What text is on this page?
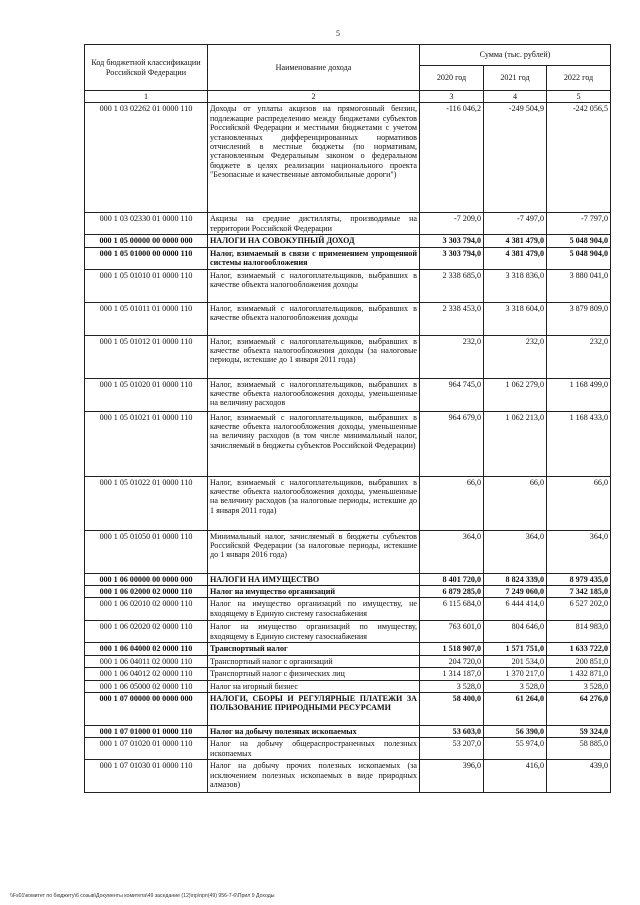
5
Код бюджетной классификации Российской Федерации	Наименование дохода	Сумма (тыс. рублей)		
		2020 год	2021 год	2022 год
1	2	3	4	5
000 1 03 02262 01 0000 110	Доходы от уплаты акцизов на прямогонный бензин, подлежащие распределению между бюджетами субъектов Российской Федерации и местными бюджетами с учетом установленных дифференцированных нормативов отчислений в местные бюджеты (по нормативам, установленным Федеральным законом о федеральном бюджете в целях реализации национального проекта "Безопасные и качественные автомобильные дороги")	-116 046,2	-249 504,9	-242 056,5
000 1 03 02330 01 0000 110	Акцизы на средние дистилляты, производимые на территории Российской Федерации	-7 209,0	-7 497,0	-7 797,0
000 1 05 00000 00 0000 000	НАЛОГИ НА СОВОКУПНЫЙ ДОХОД	3 303 794,0	4 381 479,0	5 048 904,0
000 1 05 01000 00 0000 110	Налог, взимаемый в связи с применением упрощенной системы налогообложения	3 303 794,0	4 381 479,0	5 048 904,0
000 1 05 01010 01 0000 110	Налог, взимаемый с налогоплательщиков, выбравших в качестве объекта налогообложения доходы	2 338 685,0	3 318 836,0	3 880 041,0
000 1 05 01011 01 0000 110	Налог, взимаемый с налогоплательщиков, выбравших в качестве объекта налогообложения доходы	2 338 453,0	3 318 604,0	3 879 809,0
000 1 05 01012 01 0000 110	Налог, взимаемый с налогоплательщиков, выбравших в качестве объекта налогообложения доходы (за налоговые периоды, истекшие до 1 января 2011 года)	232,0	232,0	232,0
000 1 05 01020 01 0000 110	Налог, взимаемый с налогоплательщиков, выбравших в качестве объекта налогообложения доходы, уменьшенные на величину расходов	964 745,0	1 062 279,0	1 168 499,0
000 1 05 01021 01 0000 110	Налог, взимаемый с налогоплательщиков, выбравших в качестве объекта налогообложения доходы, уменьшенные на величину расходов (в том числе минимальный налог, зачисляемый в бюджеты субъектов Российской Федерации)	964 679,0	1 062 213,0	1 168 433,0
000 1 05 01022 01 0000 110	Налог, взимаемый с налогоплательщиков, выбравших в качестве объекта налогообложения доходы, уменьшенные на величину расходов (за налоговые периоды, истекшие до 1 января 2011 года)	66,0	66,0	66,0
000 1 05 01050 01 0000 110	Минимальный налог, зачисляемый в бюджеты субъектов Российской Федерации (за налоговые периоды, истекшие до 1 января 2016 года)	364,0	364,0	364,0
000 1 06 00000 00 0000 000	НАЛОГИ НА ИМУЩЕСТВО	8 401 720,0	8 824 339,0	8 979 435,0
000 1 06 02000 02 0000 110	Налог на имущество организаций	6 879 285,0	7 249 060,0	7 342 185,0
000 1 06 02010 02 0000 110	Налог на имущество организаций по имуществу, не входящему в Единую систему газоснабжения	6 115 684,0	6 444 414,0	6 527 202,0
000 1 06 02020 02 0000 110	Налог на имущество организаций по имуществу, входящему в Единую систему газоснабжения	763 601,0	804 646,0	814 983,0
000 1 06 04000 02 0000 110	Транспортный налог	1 518 907,0	1 571 751,0	1 633 722,0
000 1 06 04011 02 0000 110	Транспортный налог с организаций	204 720,0	201 534,0	200 851,0
000 1 06 04012 02 0000 110	Транспортный налог с физических лиц	1 314 187,0	1 370 217,0	1 432 871,0
000 1 06 05000 02 0000 110	Налог на игорный бизнес	3 528,0	3 528,0	3 528,0
000 1 07 00000 00 0000 000	НАЛОГИ, СБОРЫ И РЕГУЛЯРНЫЕ ПЛАТЕЖИ ЗА ПОЛЬЗОВАНИЕ ПРИРОДНЫМИ РЕСУРСАМИ	58 400,0	61 264,0	64 276,0
000 1 07 01000 01 0000 110	Налог на добычу полезных ископаемых	53 603,0	56 390,0	59 324,0
000 1 07 01020 01 0000 110	Налог на добычу общераспространенных полезных ископаемых	53 207,0	55 974,0	58 885,0
000 1 07 01030 01 0000 110	Налог на добычу прочих полезных ископаемых (за исключением полезных ископаемых в виде природных алмазов)	396,0	416,0	439,0
\\Fs01\комитет по бюджету\6 созыв\Документы комитета\49 заседание (12)\пр\прп(49) 956-7-6\Прил 9 Доходы
